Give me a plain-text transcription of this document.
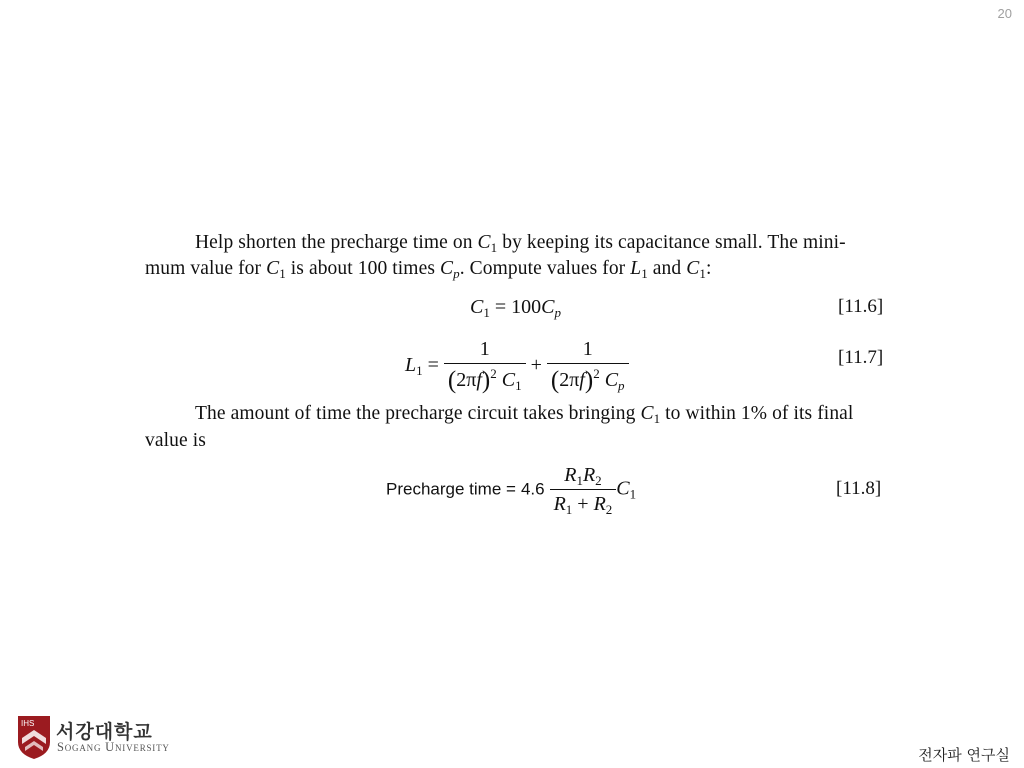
20
Help shorten the precharge time on $C_1$ by keeping its capacitance small. The mini-
mum value for $C_1$ is about 100 times $C_p$. Compute values for $L_1$ and $C_1$:
$C_1 = 100C_p$	[11.6]
$L_1 = \frac{1}{(2\pi f)^2 C_1} + \frac{1}{(2\pi f)^2 C_p}$	[11.7]
The amount of time the precharge circuit takes bringing $C_1$ to within 1% of its final
value is
Precharge time = $4.6 \frac{R_1R_2}{R_1 + R_2} C_1$	[11.8]
IHS 서강대학교
Sogang University	전자파 연구실
